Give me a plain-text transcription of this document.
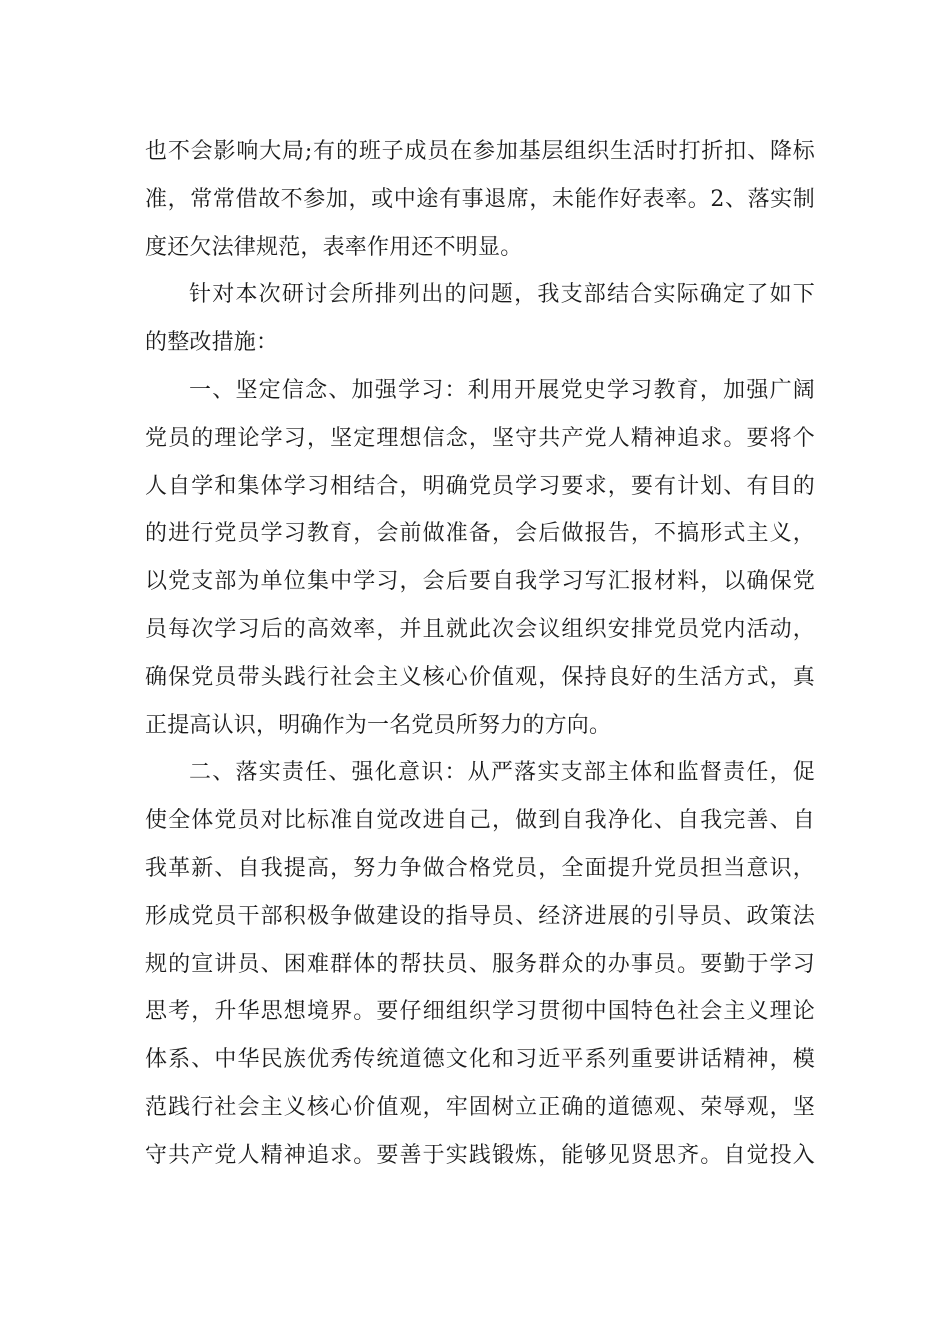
也不会影响大局;有的班子成员在参加基层组织生活时打折扣、降标
准，常常借故不参加，或中途有事退席，未能作好表率。2、落实制
度还欠法律规范，表率作用还不明显。
针对本次研讨会所排列出的问题，我支部结合实际确定了如下
的整改措施：
一、坚定信念、加强学习：利用开展党史学习教育，加强广阔
党员的理论学习，坚定理想信念，坚守共产党人精神追求。要将个
人自学和集体学习相结合，明确党员学习要求，要有计划、有目的
的进行党员学习教育，会前做准备，会后做报告，不搞形式主义，
以党支部为单位集中学习，会后要自我学习写汇报材料，以确保党
员每次学习后的高效率，并且就此次会议组织安排党员党内活动，
确保党员带头践行社会主义核心价值观，保持良好的生活方式，真
正提高认识，明确作为一名党员所努力的方向。
二、落实责任、强化意识：从严落实支部主体和监督责任，促
使全体党员对比标准自觉改进自己，做到自我净化、自我完善、自
我革新、自我提高，努力争做合格党员，全面提升党员担当意识，
形成党员干部积极争做建设的指导员、经济进展的引导员、政策法
规的宣讲员、困难群体的帮扶员、服务群众的办事员。要勤于学习
思考，升华思想境界。要仔细组织学习贯彻中国特色社会主义理论
体系、中华民族优秀传统道德文化和习近平系列重要讲话精神，模
范践行社会主义核心价值观，牢固树立正确的道德观、荣辱观，坚
守共产党人精神追求。要善于实践锻炼，能够见贤思齐。自觉投入
